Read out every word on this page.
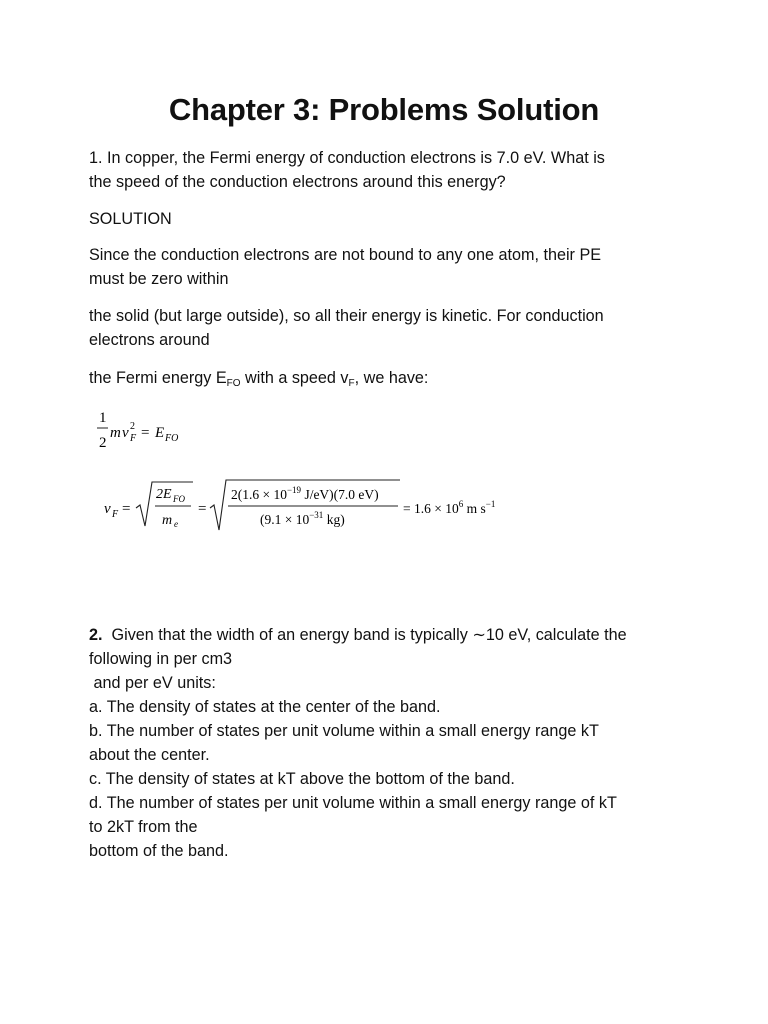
Chapter 3: Problems Solution
1. In copper, the Fermi energy of conduction electrons is 7.0 eV. What is
the speed of the conduction electrons around this energy?
SOLUTION
Since the conduction electrons are not bound to any one atom, their PE
must be zero within
the solid (but large outside), so all their energy is kinetic. For conduction
electrons around
the Fermi energy EFO with a speed vF, we have:
1
2
m v 2
F = E FO
v F =
2E FO
m e
=
$2(1.6 \times 10^{-19}$ J/eV)(7.0 eV)
($9.1 \times 10^{-31}$ kg)
= $1.6 \times 10^6$ m $s^{-1}$
2.  Given that the width of an energy band is typically ∼10 eV, calculate the
following in per cm3
and per eV units:
a. The density of states at the center of the band.
b. The number of states per unit volume within a small energy range kT
about the center.
c. The density of states at kT above the bottom of the band.
d. The number of states per unit volume within a small energy range of kT
to 2kT from the
bottom of the band.
